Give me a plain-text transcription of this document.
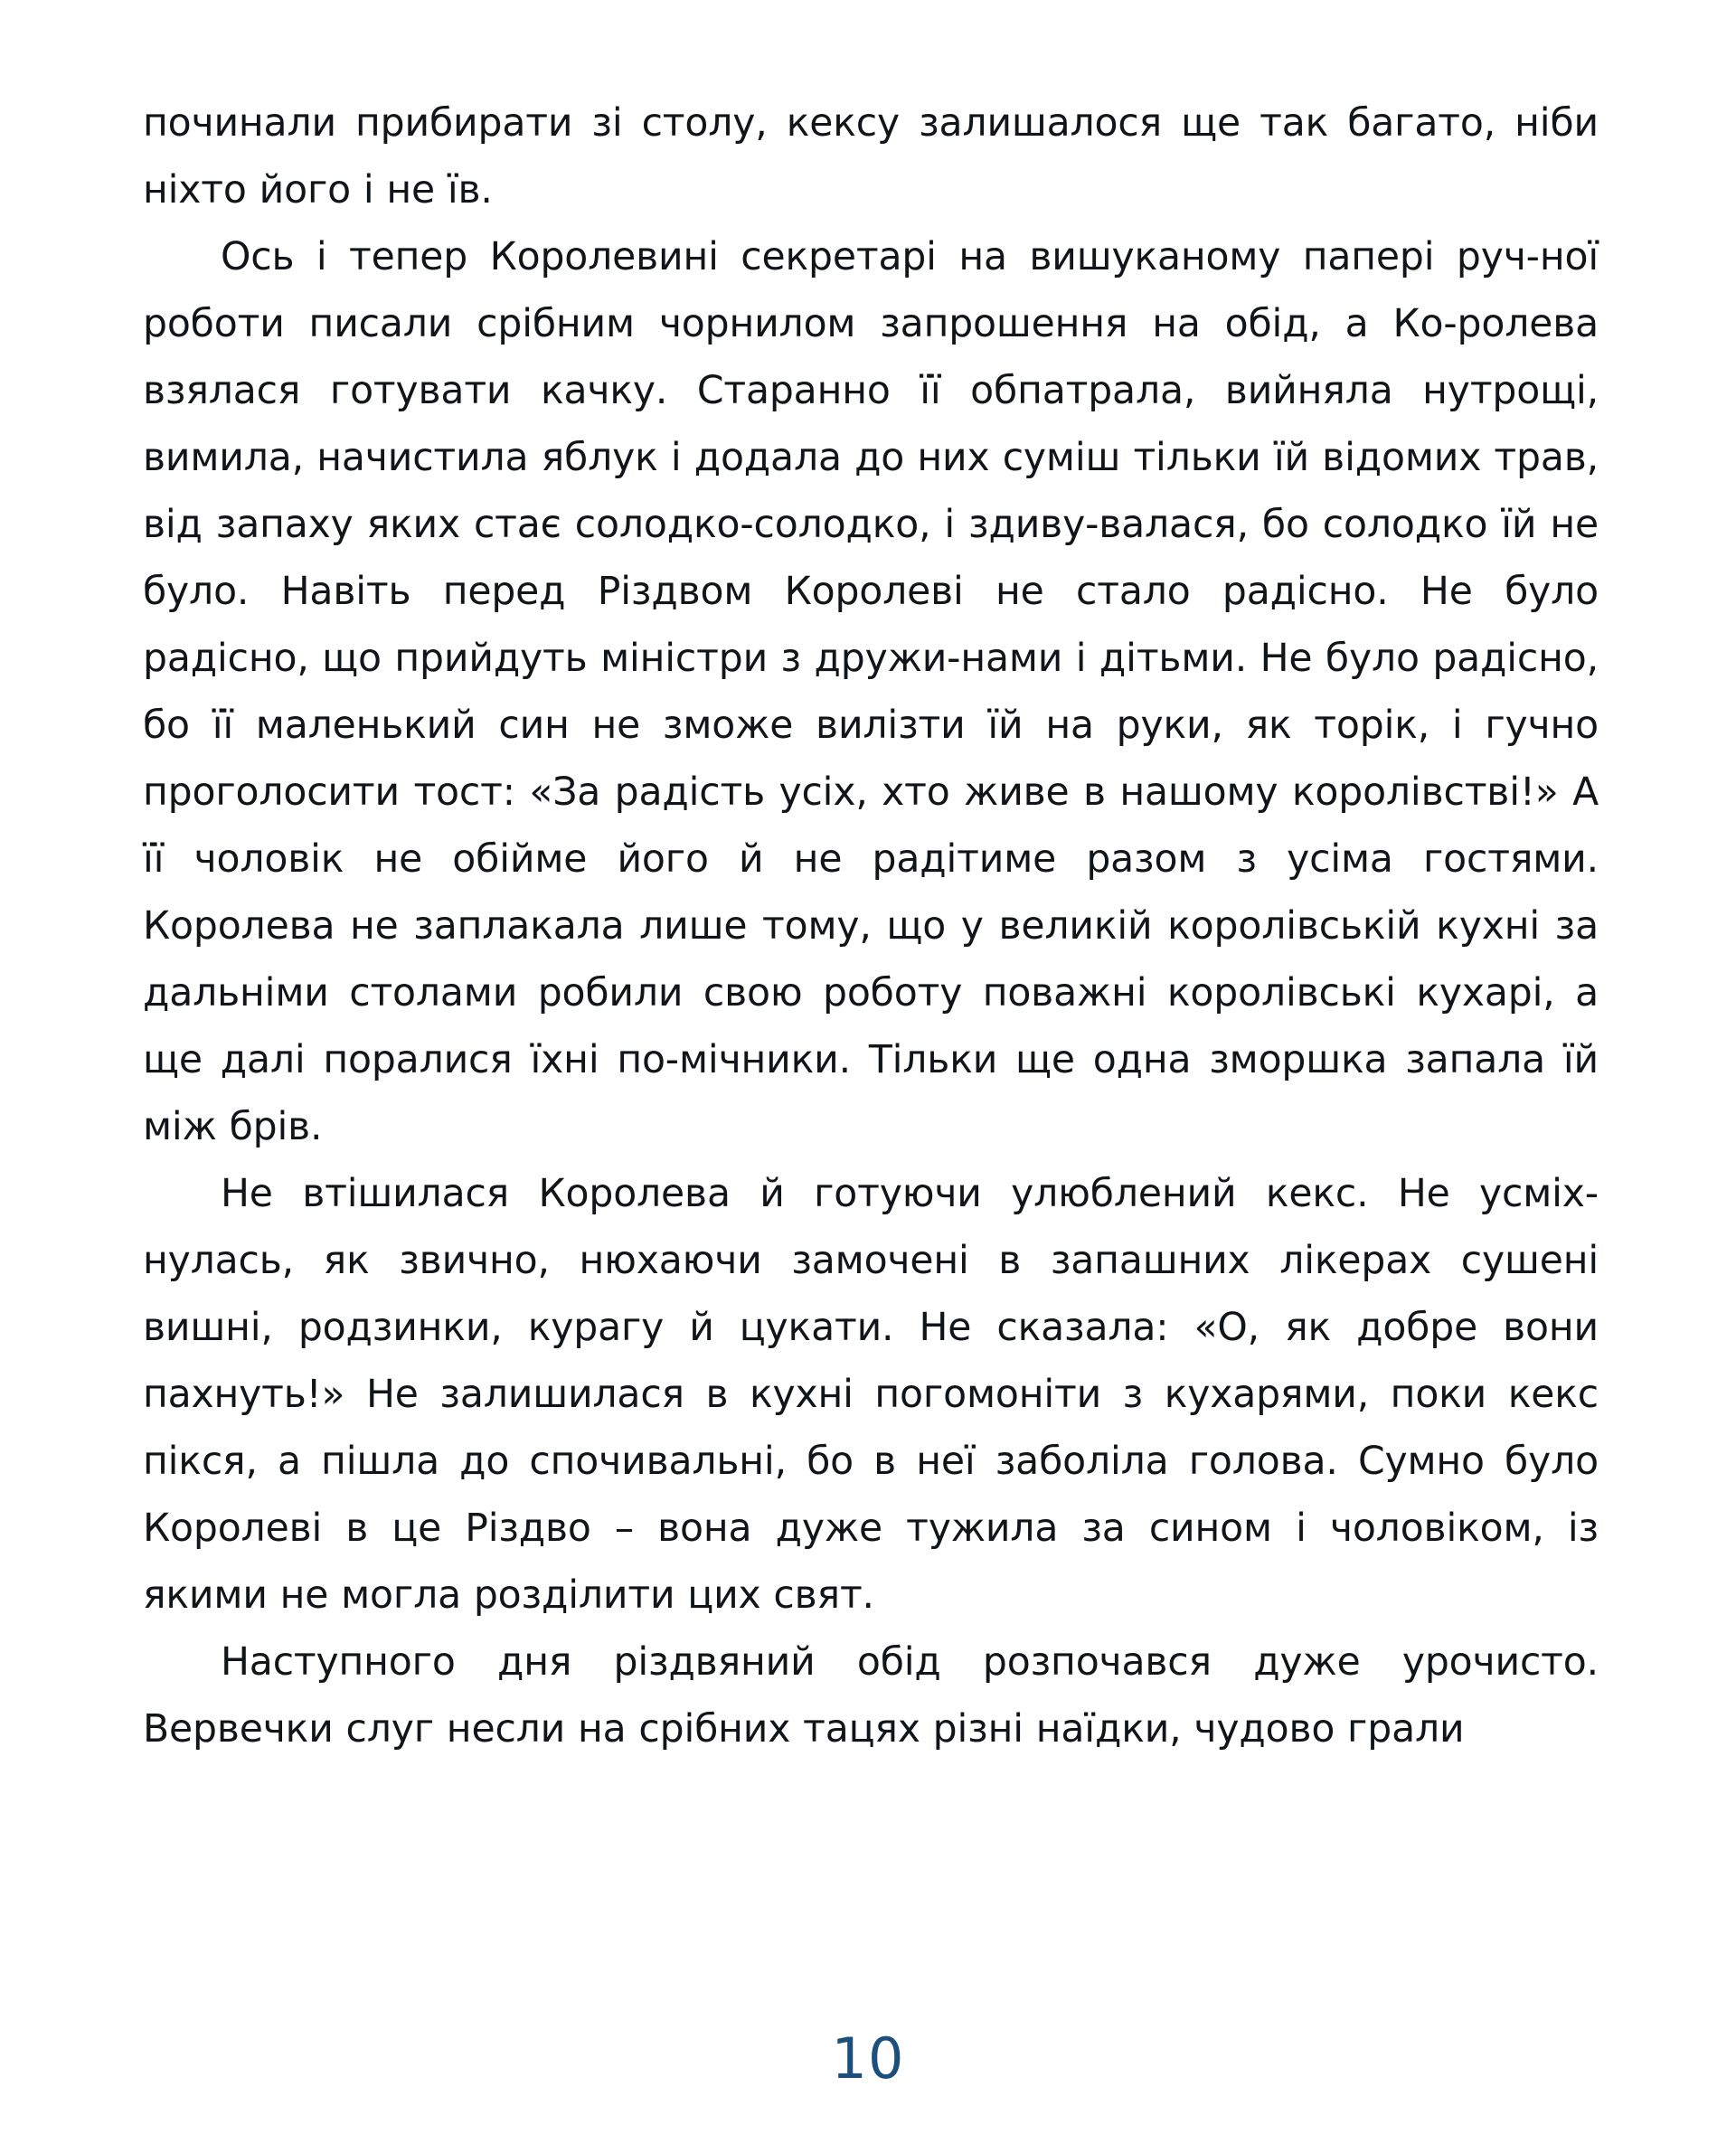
починали прибирати зі столу, кексу залишалося ще так багато, ніби ніхто його і не їв.

Ось і тепер Королевині секретарі на вишуканому папері руч-ної роботи писали срібним чорнилом запрошення на обід, а Ко-ролева взялася готувати качку. Старанно її обпатрала, вийняла нутрощі, вимила, начистила яблук і додала до них суміш тільки їй відомих трав, від запаху яких стає солодко-солодко, і здиву-валася, бо солодко їй не було. Навіть перед Різдвом Королеві не стало радісно. Не було радісно, що прийдуть міністри з дружи-нами і дітьми. Не було радісно, бо її маленький син не зможе вилізти їй на руки, як торік, і гучно проголосити тост: «За радість усіх, хто живе в нашому королівстві!» А її чоловік не обійме його й не радітиме разом з усіма гостями. Королева не заплакала лише тому, що у великій королівській кухні за дальніми столами робили свою роботу поважні королівські кухарі, а ще далі поралися їхні по-мічники. Тільки ще одна зморшка запала їй між брів.

Не втішилася Королева й готуючи улюблений кекс. Не усміх-нулась, як звично, нюхаючи замочені в запашних лікерах сушені вишні, родзинки, курагу й цукати. Не сказала: «О, як добре вони пахнуть!» Не залишилася в кухні погомоніти з кухарями, поки кекс пікся, а пішла до спочивальні, бо в неї заболіла голова. Сумно було Королеві в це Різдво – вона дуже тужила за сином і чоловіком, із якими не могла розділити цих свят.

Наступного дня різдвяний обід розпочався дуже урочисто. Вервечки слуг несли на срібних тацях різні наїдки, чудово грали

10
